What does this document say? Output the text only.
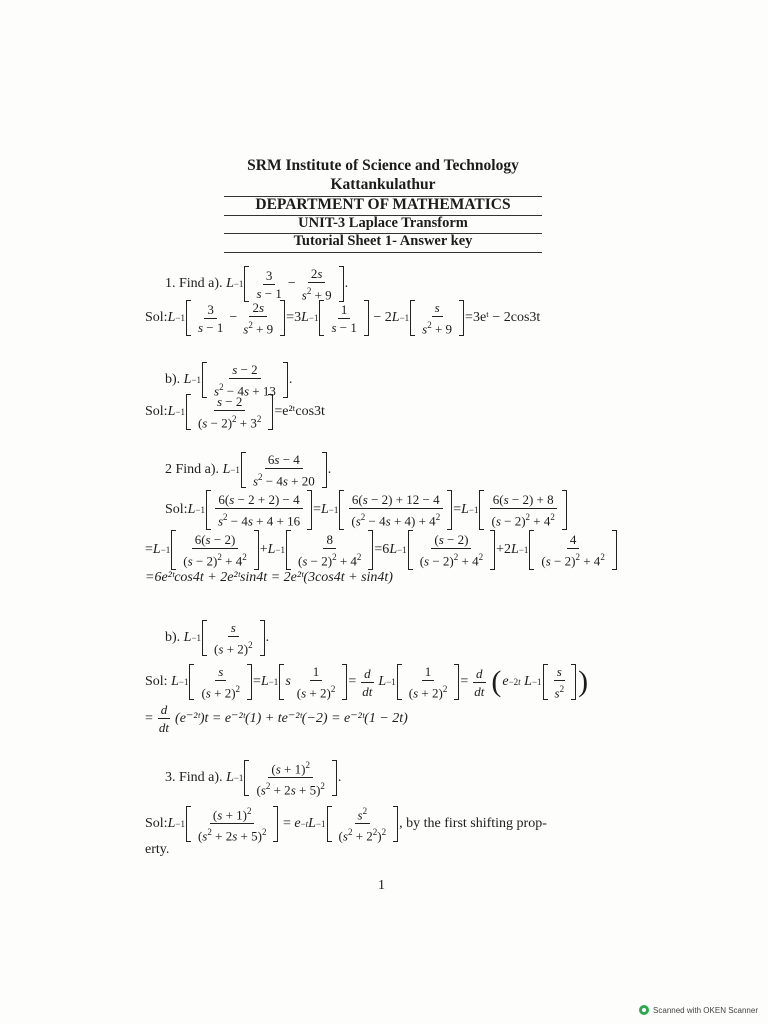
SRM Institute of Science and Technology
Kattankulathur
DEPARTMENT OF MATHEMATICS
UNIT-3 Laplace Transform
Tutorial Sheet 1- Answer key
1. Find a).
$L -1 \frac{3}{s - 1} - \frac{2s}{s^2 + 9}$ .
Sol: $L -1 \frac{3}{s - 1} - \frac{2s}{s^2 + 9} =3$ $L -1 \frac{1}{s - 1} - 2$ $L -1 \frac{s}{s^2 + 9}$ =3eᵗ − 2cos3t
b).
$L -1 \frac{s - 2}{s^2 - 4s + 13}$ .
Sol: $L -1 \frac{s - 2}{(s - 2)^2 + 3^2}$ =e²ᵗcos3t
2 Find a).
$L -1 \frac{6s - 4}{s^2 - 4s + 20}$ .
Sol: $L -1 \frac{6(s - 2 + 2) - 4}{s^2 - 4s + 4 + 16} = L -1 \frac{6(s - 2) + 12 - 4}{(s^2 - 4s + 4) + 4^2} = L -1 \frac{6(s - 2) + 8}{(s - 2)^2 + 4^2}$
= $L -1 \frac{6(s - 2)}{(s - 2)^2 + 4^2} + L -1 \frac{8}{(s - 2)^2 + 4^2} =6$ $L -1 \frac{(s - 2)}{(s - 2)^2 + 4^2} +2$ $L -1 \frac{4}{(s - 2)^2 + 4^2}$
=6e²ᵗcos4t + 2e²ᵗsin4t = 2e²ᵗ(3cos4t + sin4t)
b).
$L -1 \frac{s}{(s + 2)^2}$ .
Sol:
$L -1 \frac{s}{(s + 2)^2} = L -1$ s $\frac{1}{(s + 2)^2} = \frac{d}{dt}$ $L -1 \frac{1}{(s + 2)^2} = \frac{d}{dt}$ ( e −2t
$L -1 \frac{s}{s^2}$ )
= $\frac{d}{dt}$ (e⁻²ᵗ)t = e⁻²ᵗ(1) + te⁻²ᵗ(−2) = e⁻²ᵗ(1 − 2t)
3. Find a).
$L -1 \frac{(s + 1)^2}{(s^2 + 2s + 5)^2}$ .
Sol: $L -1 \frac{(s + 1)^2}{(s^2 + 2s + 5)^2} = e -t$ $L -1 \frac{s^2}{(s^2 + 2^2)^2}$ , by the first shifting prop-
erty.
1
Scanned with OKEN Scanner
